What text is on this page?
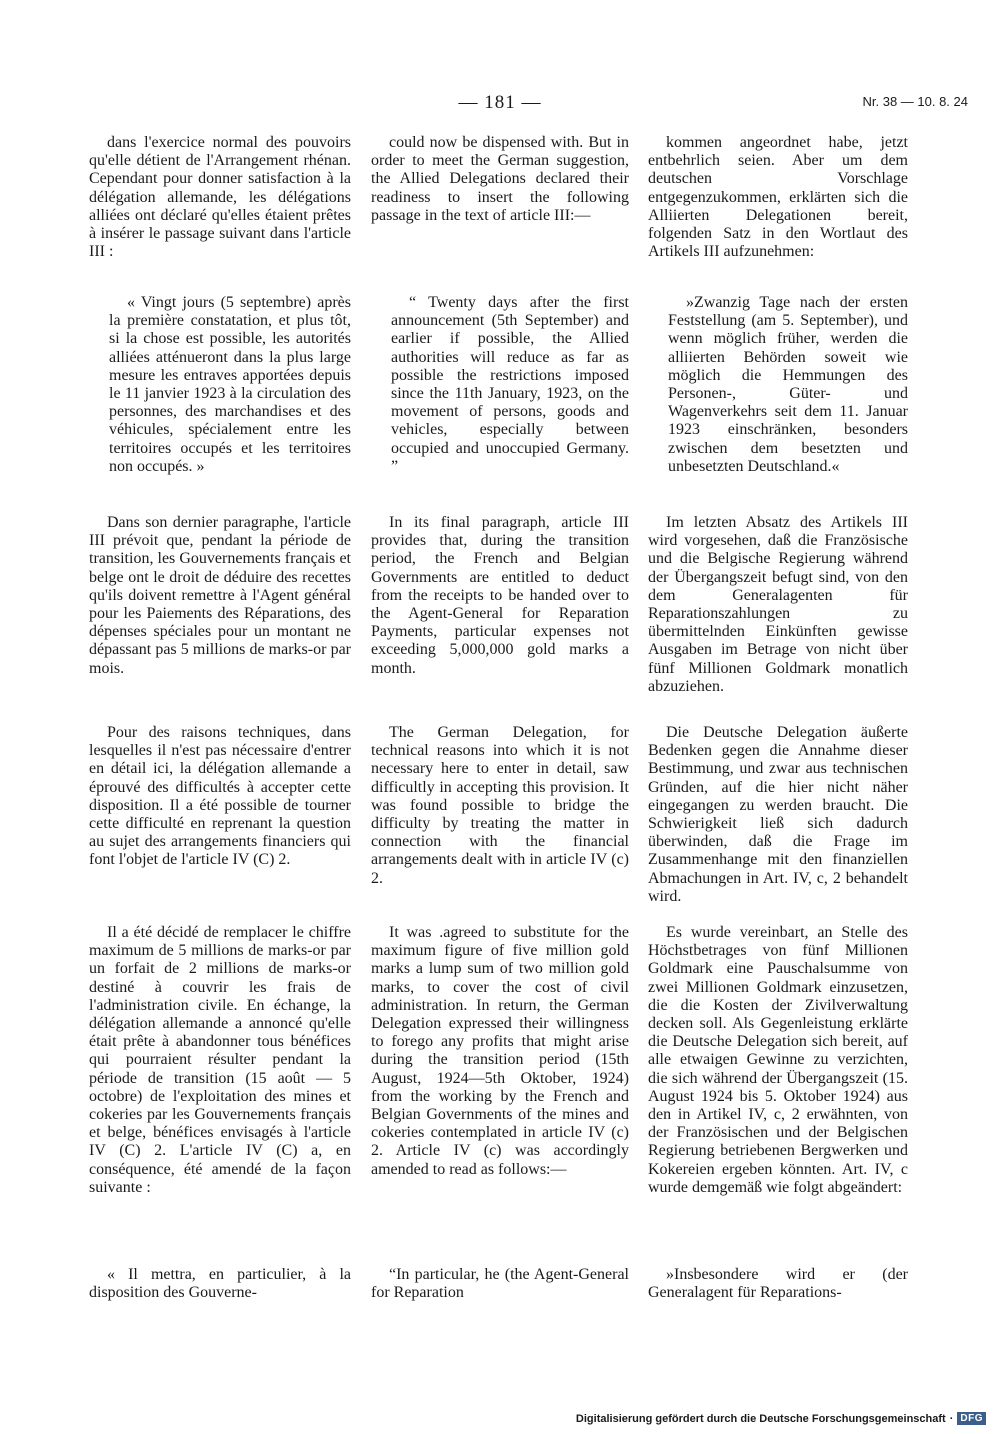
— 181 —	Nr. 38 — 10. 8. 24

dans l'exercice normal des pouvoirs qu'elle détient de l'Arrangement rhénan. Cependant pour donner satisfaction à la délégation allemande, les délégations alliées ont déclaré qu'elles étaient prêtes à insérer le passage suivant dans l'article III :

« Vingt jours (5 septembre) après la première constatation, et plus tôt, si la chose est possible, les autorités alliées atténueront dans la plus large mesure les entraves apportées depuis le 11 janvier 1923 à la circulation des personnes, des marchandises et des véhicules, spécialement entre les territoires occupés et les territoires non occupés. »

Dans son dernier paragraphe, l'article III prévoit que, pendant la période de transition, les Gouvernements français et belge ont le droit de déduire des recettes qu'ils doivent remettre à l'Agent général pour les Paiements des Réparations, des dépenses spéciales pour un montant ne dépassant pas 5 millions de marks-or par mois.

Pour des raisons techniques, dans lesquelles il n'est pas nécessaire d'entrer en détail ici, la délégation allemande a éprouvé des difficultés à accepter cette disposition. Il a été possible de tourner cette difficulté en reprenant la question au sujet des arrangements financiers qui font l'objet de l'article IV (C) 2.

Il a été décidé de remplacer le chiffre maximum de 5 millions de marks-or par un forfait de 2 millions de marks-or destiné à couvrir les frais de l'administration civile. En échange, la délégation allemande a annoncé qu'elle était prête à abandonner tous bénéfices qui pourraient résulter pendant la période de transition (15 août — 5 octobre) de l'exploitation des mines et cokeries par les Gouvernements français et belge, bénéfices envisagés à l'article IV (C) 2. L'article IV (C) a, en conséquence, été amendé de la façon suivante :

« Il mettra, en particulier, à la disposition des Gouverne-

could now be dispensed with. But in order to meet the German suggestion, the Allied Delegations declared their readiness to insert the following passage in the text of article III:—

“ Twenty days after the first announcement (5th September) and earlier if possible, the Allied authorities will reduce as far as possible the restrictions imposed since the 11th January, 1923, on the movement of persons, goods and vehicles, especially between occupied and unoccupied Germany. ”

In its final paragraph, article III provides that, during the transition period, the French and Belgian Governments are entitled to deduct from the receipts to be handed over to the Agent-General for Reparation Payments, particular expenses not exceeding 5,000,000 gold marks a month.

The German Delegation, for technical reasons into which it is not necessary here to enter in detail, saw difficultly in accepting this provision. It was found possible to bridge the difficulty by treating the matter in connection with the financial arrangements dealt with in article IV (c) 2.

It was .agreed to substitute for the maximum figure of five million gold marks a lump sum of two million gold marks, to cover the cost of civil administration. In return, the German Delegation expressed their willingness to forego any profits that might arise during the transition period (15th August, 1924—5th Oktober, 1924) from the working by the French and Belgian Governments of the mines and cokeries contemplated in article IV (c) 2. Article IV (c) was accordingly amended to read as follows:—

“In particular, he (the Agent-General for Reparation

kommen angeordnet habe, jetzt entbehrlich seien. Aber um dem deutschen Vorschlage entgegenzukommen, erklärten sich die Alliierten Delegationen bereit, folgenden Satz in den Wortlaut des Artikels III aufzunehmen:

»Zwanzig Tage nach der ersten Feststellung (am 5. September), und wenn möglich früher, werden die alliierten Behörden soweit wie möglich die Hemmungen des Personen-, Güter- und Wagenverkehrs seit dem 11. Januar 1923 einschränken, besonders zwischen dem besetzten und unbesetzten Deutschland.«

Im letzten Absatz des Artikels III wird vorgesehen, daß die Französische und die Belgische Regierung während der Übergangszeit befugt sind, von den dem Generalagenten für Reparationszahlungen zu übermittelnden Einkünften gewisse Ausgaben im Betrage von nicht über fünf Millionen Goldmark monatlich abzuziehen.

Die Deutsche Delegation äußerte Bedenken gegen die Annahme dieser Bestimmung, und zwar aus technischen Gründen, auf die hier nicht näher eingegangen zu werden braucht. Die Schwierigkeit ließ sich dadurch überwinden, daß die Frage im Zusammenhange mit den finanziellen Abmachungen in Art. IV, c, 2 behandelt wird.

Es wurde vereinbart, an Stelle des Höchstbetrages von fünf Millionen Goldmark eine Pauschalsumme von zwei Millionen Goldmark einzusetzen, die die Kosten der Zivilverwaltung decken soll. Als Gegenleistung erklärte die Deutsche Delegation sich bereit, auf alle etwaigen Gewinne zu verzichten, die sich während der Übergangszeit (15. August 1924 bis 5. Oktober 1924) aus den in Artikel IV, c, 2 erwähnten, von der Französischen und der Belgischen Regierung betriebenen Bergwerken und Kokereien ergeben könnten. Art. IV, c wurde demgemäß wie folgt abgeändert:

»Insbesondere wird er (der Generalagent für Reparations-

Digitalisierung gefördert durch die Deutsche Forschungsgemeinschaft · DFG
